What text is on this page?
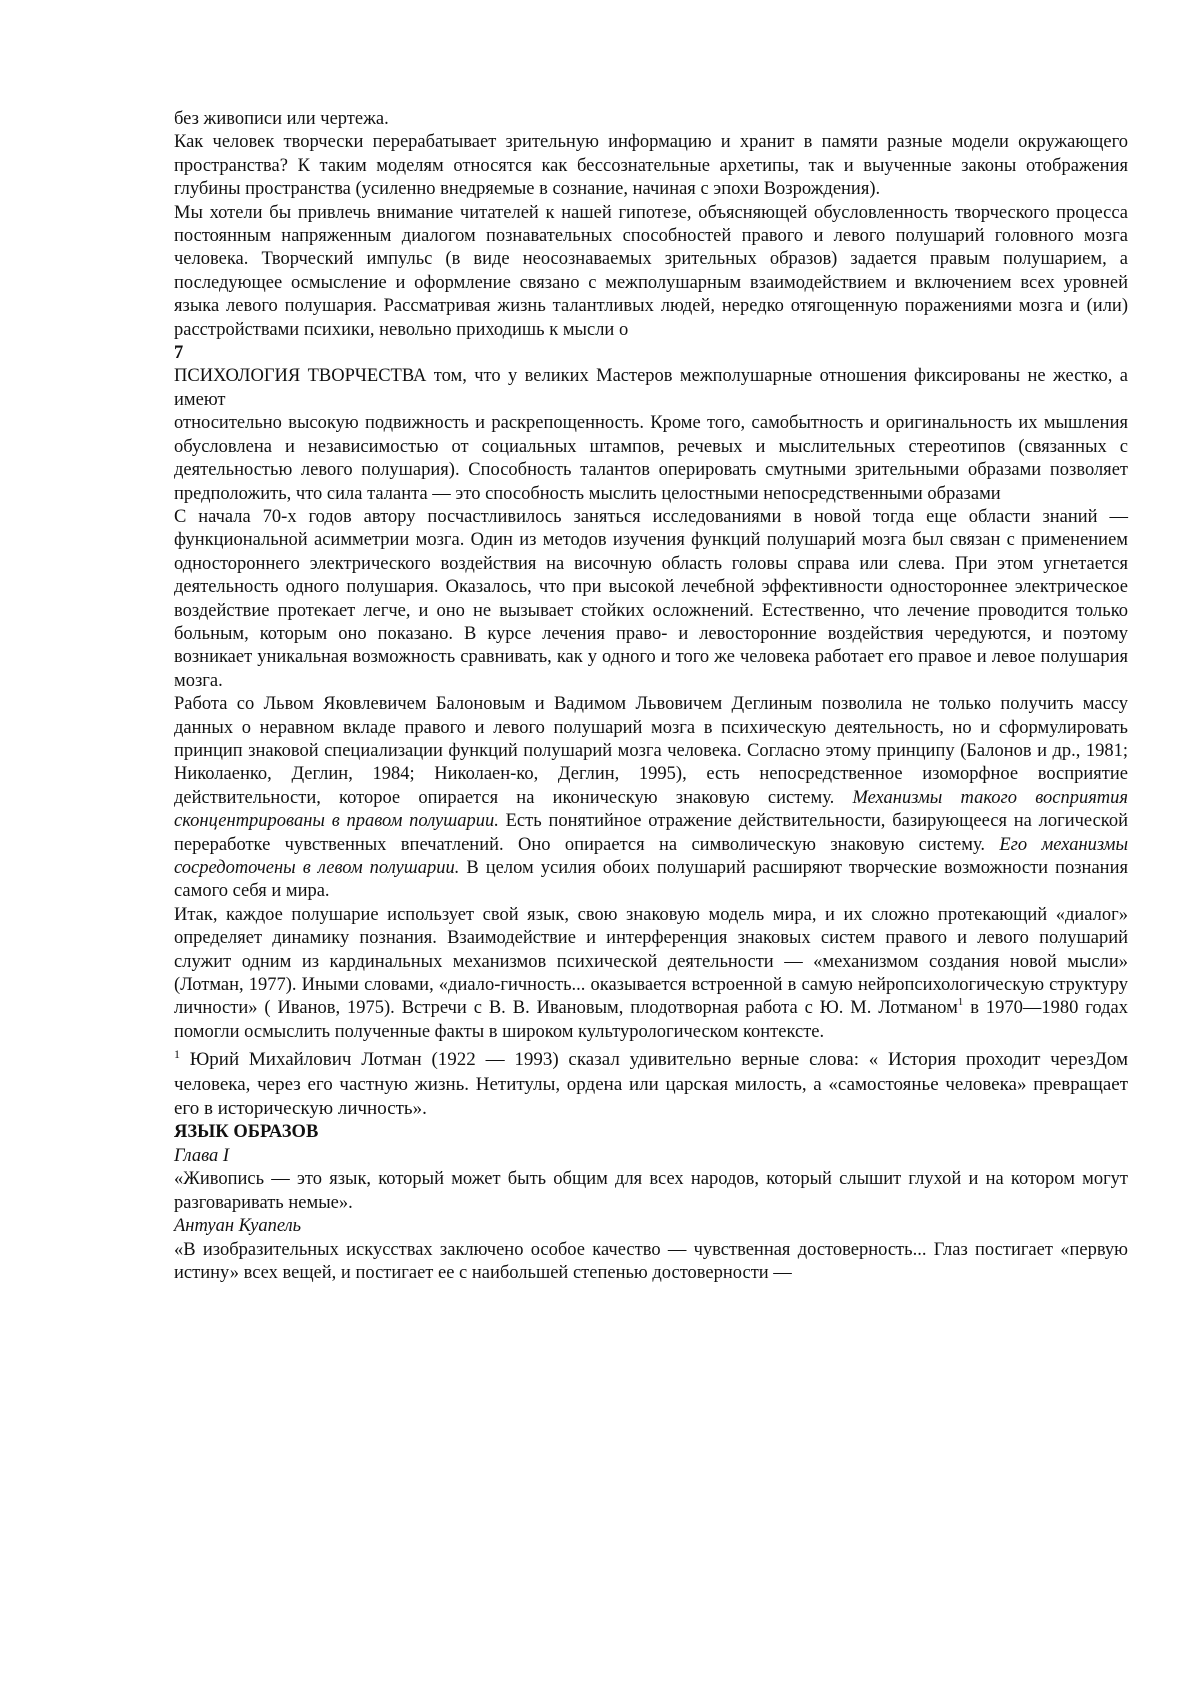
без живописи или чертежа.

Как человек творчески перерабатывает зрительную информацию и хранит в памяти разные модели окружающего пространства? К таким моделям относятся как бессознательные архетипы, так и выученные законы отображения глубины пространства (усиленно внедряемые в сознание, начиная с эпохи Возрождения).

Мы хотели бы привлечь внимание читателей к нашей гипотезе, объясняющей обусловленность творческого процесса постоянным напряженным диалогом познавательных способностей правого и левого полушарий головного мозга человека. Творческий импульс (в виде неосознаваемых зрительных образов) задается правым полушарием, а последующее осмысление и оформление связано с межполушарным взаимодействием и включением всех уровней языка левого полушария. Рассматривая жизнь талантливых людей, нередко отягощенную поражениями мозга и (или) расстройствами психики, невольно приходишь к мысли о

7

ПСИХОЛОГИЯ ТВОРЧЕСТВА том, что у великих Мастеров межполушарные отношения фиксированы не жестко, а имеют

относительно высокую подвижность и раскрепощенность. Кроме того, самобытность и оригинальность их мышления обусловлена и независимостью от социальных штампов, речевых и мыслительных стереотипов (связанных с деятельностью левого полушария). Способность талантов оперировать смутными зрительными образами позволяет предположить, что сила таланта — это способность мыслить целостными непосредственными образами

С начала 70-х годов автору посчастливилось заняться исследованиями в новой тогда еще области знаний — функциональной асимметрии мозга. Один из методов изучения функций полушарий мозга был связан с применением одностороннего электрического воздействия на височную область головы справа или слева. При этом угнетается деятельность одного полушария. Оказалось, что при высокой лечебной эффективности одностороннее электрическое воздействие протекает легче, и оно не вызывает стойких осложнений. Естественно, что лечение проводится только больным, которым оно показано. В курсе лечения право- и левосторонние воздействия чередуются, и поэтому возникает уникальная возможность сравнивать, как у одного и того же человека работает его правое и левое полушария мозга.

Работа со Львом Яковлевичем Балоновым и Вадимом Львовичем Деглиным позволила не только получить массу данных о неравном вкладе правого и левого полушарий мозга в психическую деятельность, но и сформулировать принцип знаковой специализации функций полушарий мозга человека. Согласно этому принципу (Балонов и др., 1981; Николаенко, Деглин, 1984; Николаен-ко, Деглин, 1995), есть непосредственное изоморфное восприятие действительности, которое опирается на иконическую знаковую систему. Механизмы такого восприятия сконцентрированы в правом полушарии. Есть понятийное отражение действительности, базирующееся на логической переработке чувственных впечатлений. Оно опирается на символическую знаковую систему. Его механизмы сосредоточены в левом полушарии. В целом усилия обоих полушарий расширяют творческие возможности познания самого себя и мира.

Итак, каждое полушарие использует свой язык, свою знаковую модель мира, и их сложно протекающий «диалог» определяет динамику познания. Взаимодействие и интерференция знаковых систем правого и левого полушарий служит одним из кардинальных механизмов психической деятельности — «механизмом создания новой мысли» (Лотман, 1977). Иными словами, «диало-гичность... оказывается встроенной в самую нейропсихологическую структуру личности» ( Иванов, 1975). Встречи с В. В. Ивановым, плодотворная работа с Ю. М. Лотманом$^1$ в 1970—1980 годах помогли осмыслить полученные факты в широком культурологическом контексте.

$^1$ Юрий Михайлович Лотман (1922 — 1993) сказал удивительно верные слова: « История проходит черезДом человека, через его частную жизнь. Нетитулы, ордена или царская милость, а «самостоянье человека» превращает его в историческую личность».

ЯЗЫК ОБРАЗОВ

Глава I

«Живопись — это язык, который может быть общим для всех народов, который слышит глухой и на котором могут разговаривать немые».

Антуан Куапель

«В изобразительных искусствах заключено особое качество — чувственная достоверность... Глаз постигает «первую истину» всех вещей, и постигает ее с наибольшей степенью достоверности —
